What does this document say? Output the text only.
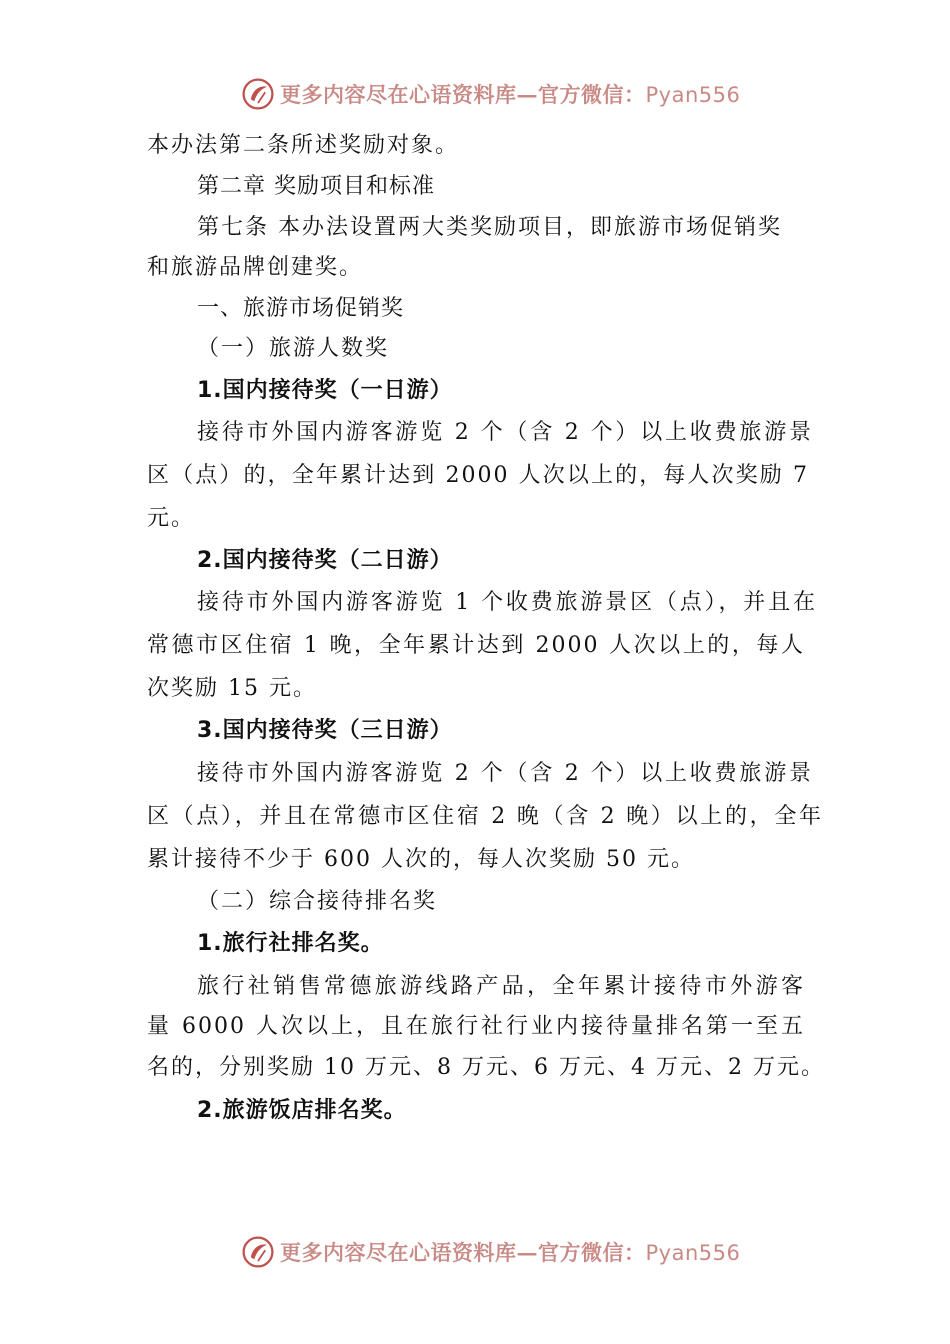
更多内容尽在心语资料库—官方微信：Pyan556
本办法第二条所述奖励对象。
第二章 奖励项目和标准
第七条 本办法设置两大类奖励项目，即旅游市场促销奖
和旅游品牌创建奖。
一、旅游市场促销奖
（一）旅游人数奖
1.国内接待奖（一日游）
接待市外国内游客游览 2 个（含 2 个）以上收费旅游景
区（点）的，全年累计达到 2000 人次以上的，每人次奖励 7
元。
2.国内接待奖（二日游）
接待市外国内游客游览 1 个收费旅游景区（点），并且在
常德市区住宿 1 晚，全年累计达到 2000 人次以上的，每人
次奖励 15 元。
3.国内接待奖（三日游）
接待市外国内游客游览 2 个（含 2 个）以上收费旅游景
区（点），并且在常德市区住宿 2 晚（含 2 晚）以上的，全年
累计接待不少于 600 人次的，每人次奖励 50 元。
（二）综合接待排名奖
1.旅行社排名奖。
旅行社销售常德旅游线路产品，全年累计接待市外游客
量 6000 人次以上，且在旅行社行业内接待量排名第一至五
名的，分别奖励 10 万元、8 万元、6 万元、4 万元、2 万元。
2.旅游饭店排名奖。
更多内容尽在心语资料库—官方微信：Pyan556
